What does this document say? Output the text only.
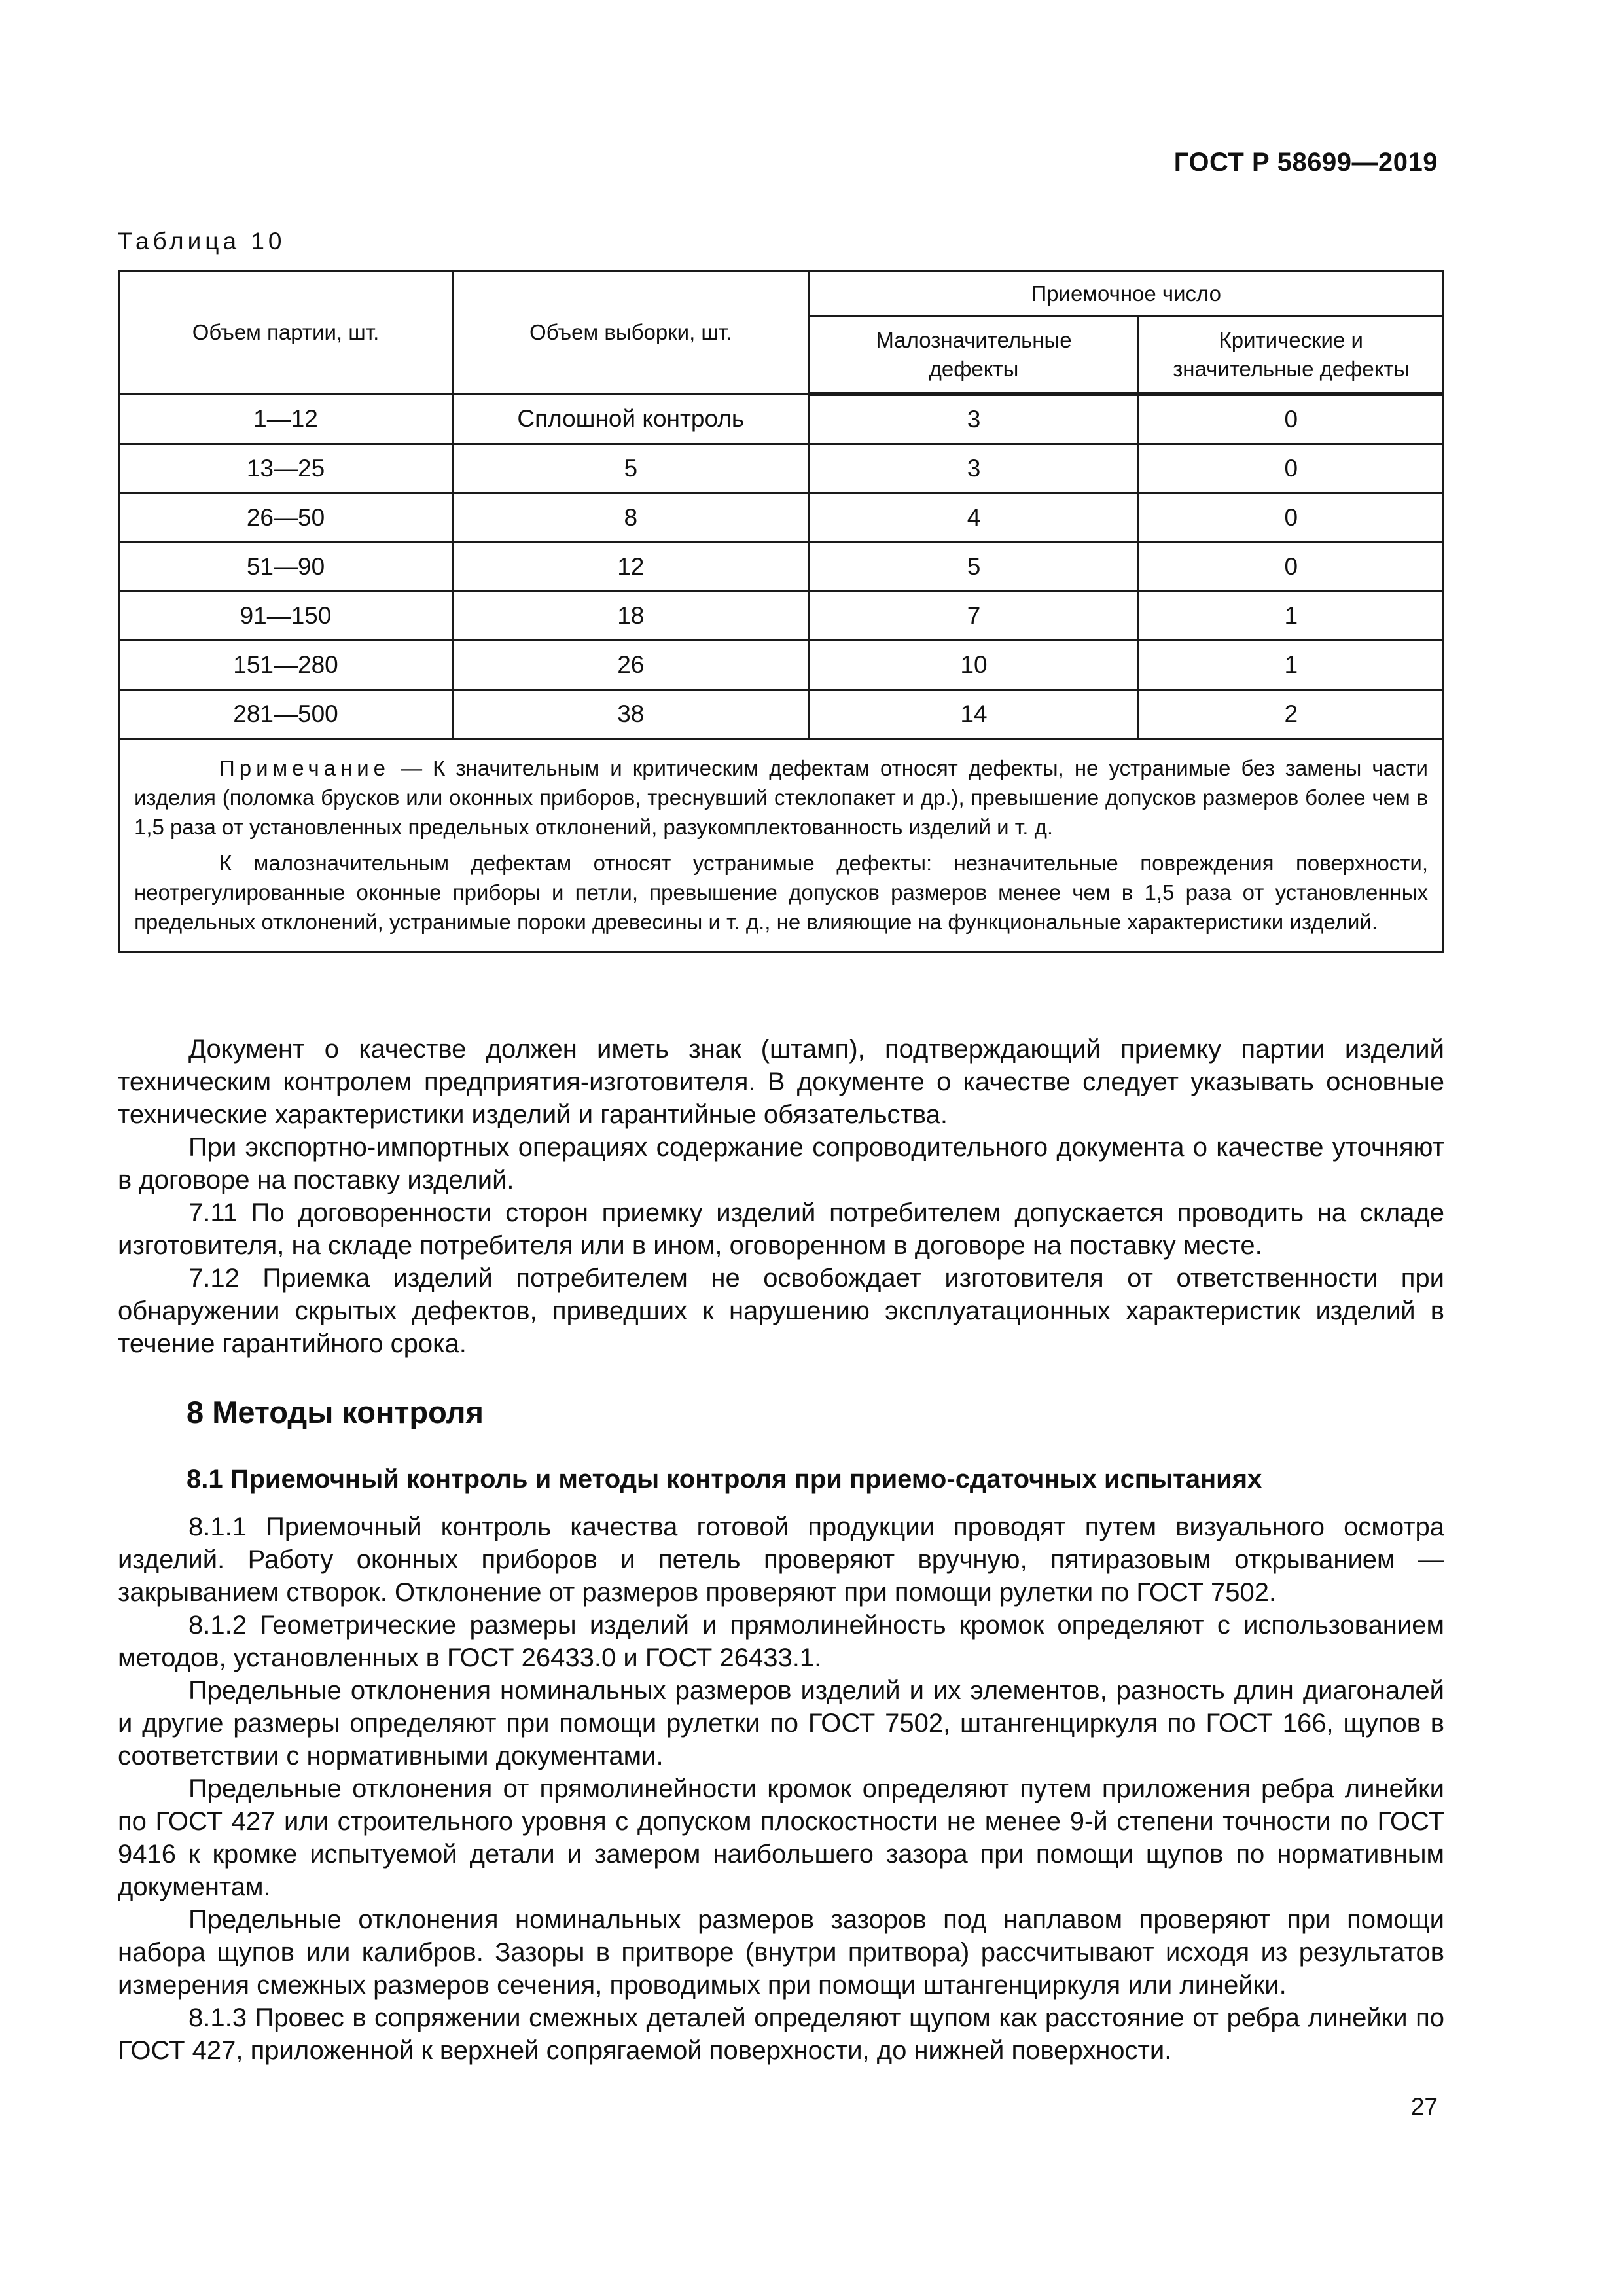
ГОСТ Р 58699—2019
Таблица 10
Объем партии, шт.	Объем выборки, шт.	Приемочное число	
		Малозначительные дефекты	Критические и значительные дефекты
1—12	Сплошной контроль	3	0
13—25	5	3	0
26—50	8	4	0
51—90	12	5	0
91—150	18	7	1
151—280	26	10	1
281—500	38	14	2

Примечание — К значительным и критическим дефектам относят дефекты, не устранимые без замены части изделия (поломка брусков или оконных приборов, треснувший стеклопакет и др.), превышение допусков размеров более чем в 1,5 раза от установленных предельных отклонений, разукомплектованность изделий и т. д.

К малозначительным дефектам относят устранимые дефекты: незначительные повреждения поверхности, неотрегулированные оконные приборы и петли, превышение допусков размеров менее чем в 1,5 раза от установленных предельных отклонений, устранимые пороки древесины и т. д., не влияющие на функциональные характеристики изделий.			

Документ о качестве должен иметь знак (штамп), подтверждающий приемку партии изделий техническим контролем предприятия-изготовителя. В документе о качестве следует указывать основные технические характеристики изделий и гарантийные обязательства.

При экспортно-импортных операциях содержание сопроводительного документа о качестве уточняют в договоре на поставку изделий.

7.11 По договоренности сторон приемку изделий потребителем допускается проводить на складе изготовителя, на складе потребителя или в ином, оговоренном в договоре на поставку месте.

7.12 Приемка изделий потребителем не освобождает изготовителя от ответственности при обнаружении скрытых дефектов, приведших к нарушению эксплуатационных характеристик изделий в течение гарантийного срока.

8 Методы контроля
8.1 Приемочный контроль и методы контроля при приемо-сдаточных испытаниях

8.1.1 Приемочный контроль качества готовой продукции проводят путем визуального осмотра изделий. Работу оконных приборов и петель проверяют вручную, пятиразовым открыванием — закрыванием створок. Отклонение от размеров проверяют при помощи рулетки по ГОСТ 7502.

8.1.2 Геометрические размеры изделий и прямолинейность кромок определяют с использованием методов, установленных в ГОСТ 26433.0 и ГОСТ 26433.1.

Предельные отклонения номинальных размеров изделий и их элементов, разность длин диагоналей и другие размеры определяют при помощи рулетки по ГОСТ 7502, штангенциркуля по ГОСТ 166, щупов в соответствии с нормативными документами.

Предельные отклонения от прямолинейности кромок определяют путем приложения ребра линейки по ГОСТ 427 или строительного уровня с допуском плоскостности не менее 9-й степени точности по ГОСТ 9416 к кромке испытуемой детали и замером наибольшего зазора при помощи щупов по нормативным документам.

Предельные отклонения номинальных размеров зазоров под наплавом проверяют при помощи набора щупов или калибров. Зазоры в притворе (внутри притвора) рассчитывают исходя из результатов измерения смежных размеров сечения, проводимых при помощи штангенциркуля или линейки.

8.1.3 Провес в сопряжении смежных деталей определяют щупом как расстояние от ребра линейки по ГОСТ 427, приложенной к верхней сопрягаемой поверхности, до нижней поверхности.

27
